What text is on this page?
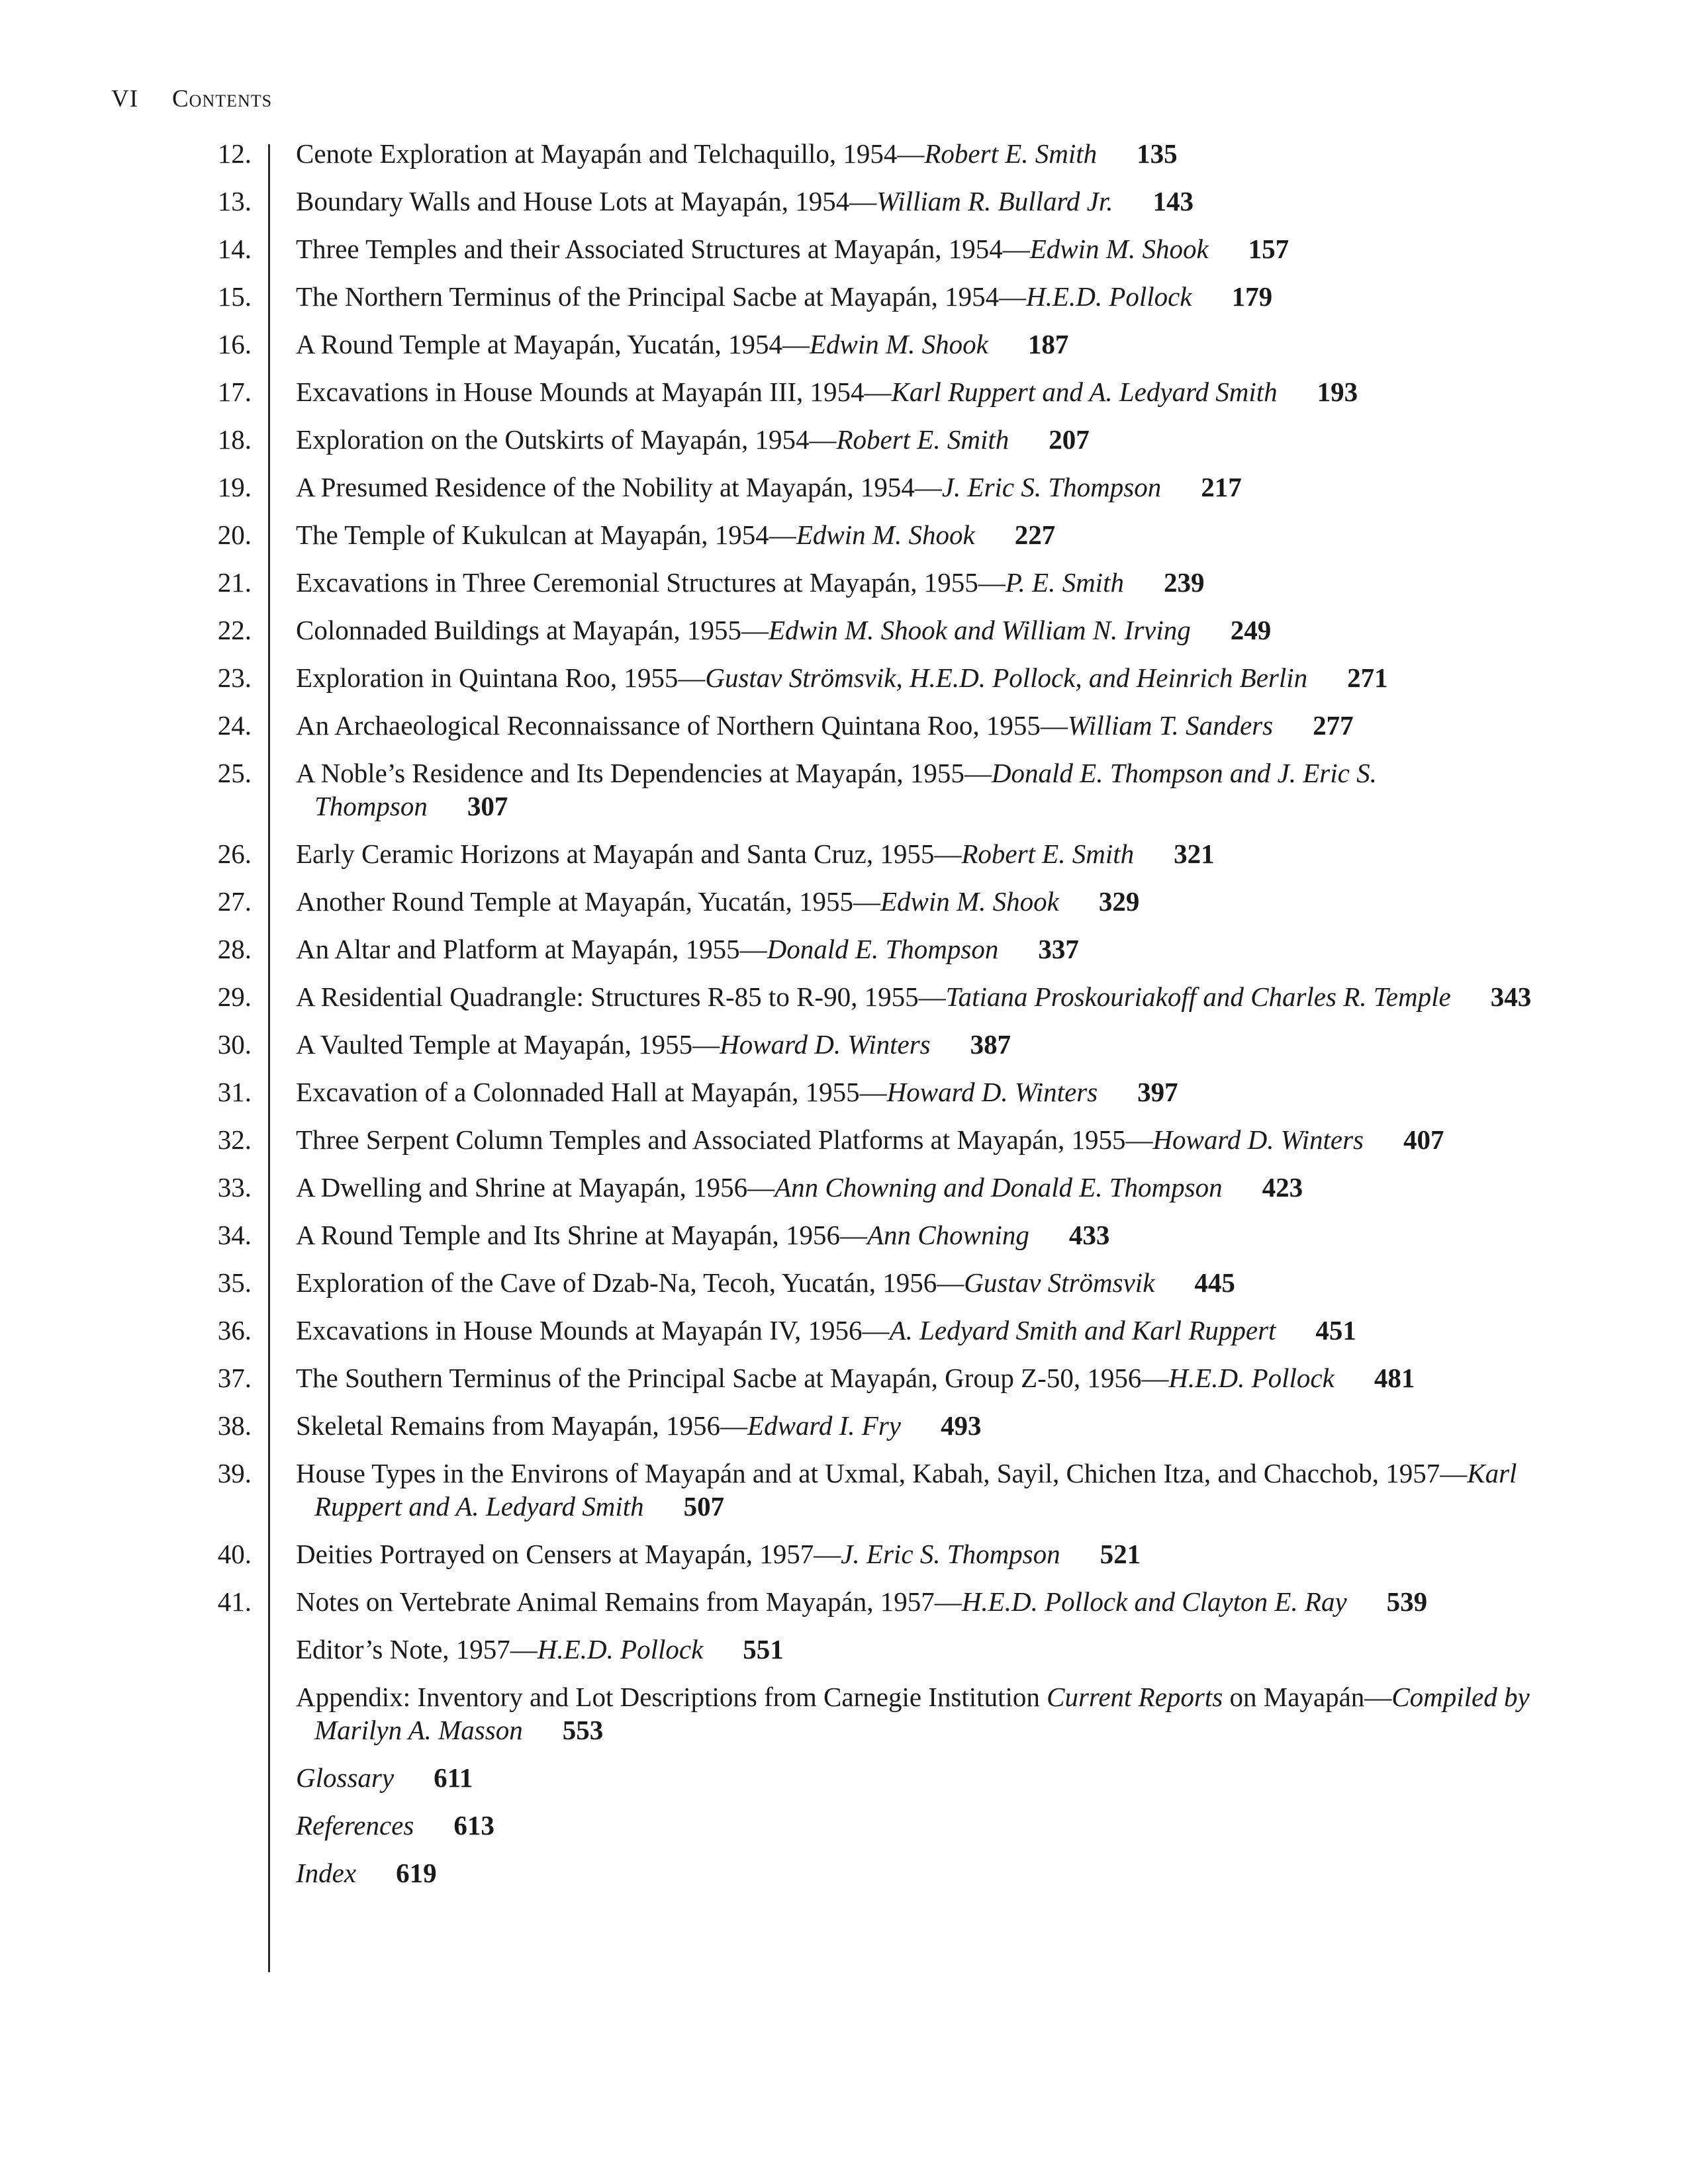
VI Contents
12. Cenote Exploration at Mayapán and Telchaquillo, 1954—Robert E. Smith 135
13. Boundary Walls and House Lots at Mayapán, 1954—William R. Bullard Jr. 143
14. Three Temples and their Associated Structures at Mayapán, 1954—Edwin M. Shook 157
15. The Northern Terminus of the Principal Sacbe at Mayapán, 1954—H.E.D. Pollock 179
16. A Round Temple at Mayapán, Yucatán, 1954—Edwin M. Shook 187
17. Excavations in House Mounds at Mayapán III, 1954—Karl Ruppert and A. Ledyard Smith 193
18. Exploration on the Outskirts of Mayapán, 1954—Robert E. Smith 207
19. A Presumed Residence of the Nobility at Mayapán, 1954—J. Eric S. Thompson 217
20. The Temple of Kukulcan at Mayapán, 1954—Edwin M. Shook 227
21. Excavations in Three Ceremonial Structures at Mayapán, 1955—P. E. Smith 239
22. Colonnaded Buildings at Mayapán, 1955—Edwin M. Shook and William N. Irving 249
23. Exploration in Quintana Roo, 1955—Gustav Strömsvik, H.E.D. Pollock, and Heinrich Berlin 271
24. An Archaeological Reconnaissance of Northern Quintana Roo, 1955—William T. Sanders 277
25. A Noble’s Residence and Its Dependencies at Mayapán, 1955—Donald E. Thompson and J. Eric S. Thompson 307
26. Early Ceramic Horizons at Mayapán and Santa Cruz, 1955—Robert E. Smith 321
27. Another Round Temple at Mayapán, Yucatán, 1955—Edwin M. Shook 329
28. An Altar and Platform at Mayapán, 1955—Donald E. Thompson 337
29. A Residential Quadrangle: Structures R-85 to R-90, 1955—Tatiana Proskouriakoff and Charles R. Temple 343
30. A Vaulted Temple at Mayapán, 1955—Howard D. Winters 387
31. Excavation of a Colonnaded Hall at Mayapán, 1955—Howard D. Winters 397
32. Three Serpent Column Temples and Associated Platforms at Mayapán, 1955—Howard D. Winters 407
33. A Dwelling and Shrine at Mayapán, 1956—Ann Chowning and Donald E. Thompson 423
34. A Round Temple and Its Shrine at Mayapán, 1956—Ann Chowning 433
35. Exploration of the Cave of Dzab-Na, Tecoh, Yucatán, 1956—Gustav Strömsvik 445
36. Excavations in House Mounds at Mayapán IV, 1956—A. Ledyard Smith and Karl Ruppert 451
37. The Southern Terminus of the Principal Sacbe at Mayapán, Group Z-50, 1956—H.E.D. Pollock 481
38. Skeletal Remains from Mayapán, 1956—Edward I. Fry 493
39. House Types in the Environs of Mayapán and at Uxmal, Kabah, Sayil, Chichen Itza, and Chacchob, 1957—Karl Ruppert and A. Ledyard Smith 507
40. Deities Portrayed on Censers at Mayapán, 1957—J. Eric S. Thompson 521
41. Notes on Vertebrate Animal Remains from Mayapán, 1957—H.E.D. Pollock and Clayton E. Ray 539
Editor’s Note, 1957—H.E.D. Pollock 551
Appendix: Inventory and Lot Descriptions from Carnegie Institution Current Reports on Mayapán—Compiled by Marilyn A. Masson 553
Glossary 611
References 613
Index 619
